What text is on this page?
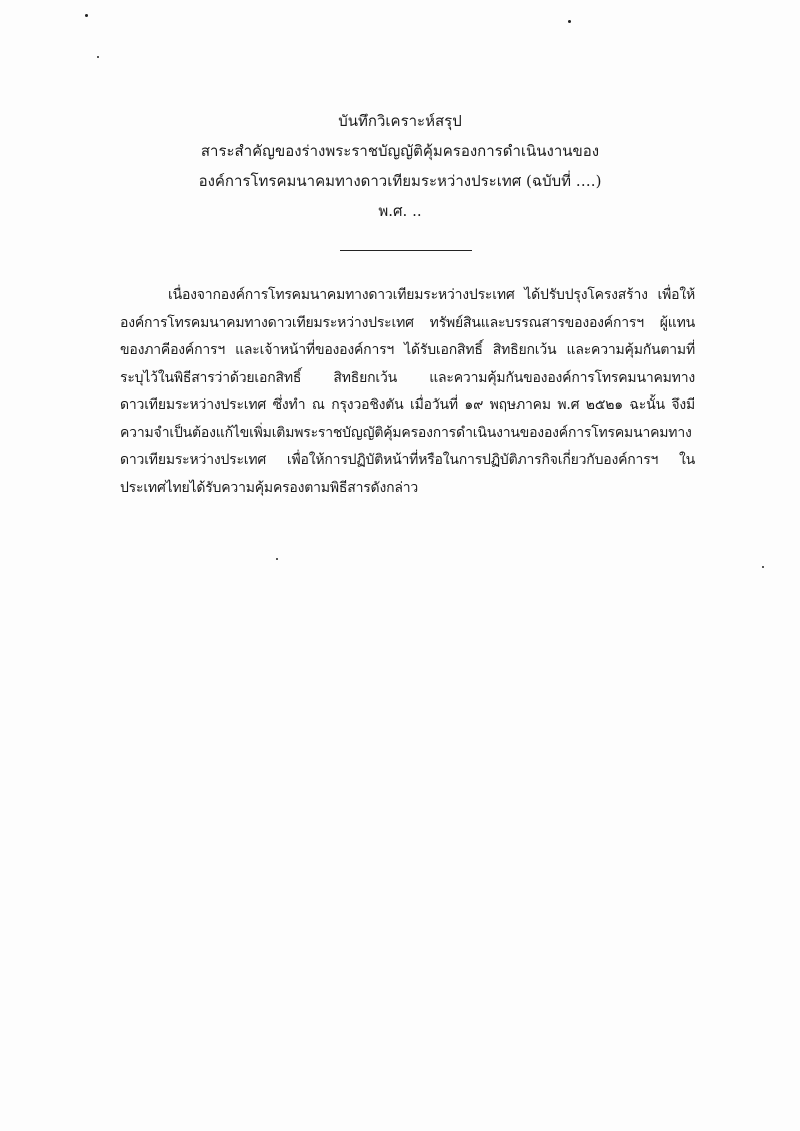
บันทึกวิเคราะห์สรุป
สาระสำคัญของร่างพระราชบัญญัติคุ้มครองการดำเนินงานของ
องค์การโทรคมนาคมทางดาวเทียมระหว่างประเทศ (ฉบับที่ ….)
พ.ศ. ..
เนื่องจากองค์การโทรคมนาคมทางดาวเทียมระหว่างประเทศ ได้ปรับปรุงโครงสร้าง เพื่อให้
องค์การโทรคมนาคมทางดาวเทียมระหว่างประเทศ ทรัพย์สินและบรรณสารขององค์การฯ ผู้แทน
ของภาคีองค์การฯ และเจ้าหน้าที่ขององค์การฯ ได้รับเอกสิทธิ์ สิทธิยกเว้น และความคุ้มกันตามที่
ระบุไว้ในพิธีสารว่าด้วยเอกสิทธิ์ สิทธิยกเว้น และความคุ้มกันขององค์การโทรคมนาคมทาง
ดาวเทียมระหว่างประเทศ ซึ่งทำ ณ กรุงวอชิงตัน เมื่อวันที่ ๑๙ พฤษภาคม พ.ศ ๒๕๒๑ ฉะนั้น จึงมี
ความจำเป็นต้องแก้ไขเพิ่มเติมพระราชบัญญัติคุ้มครองการดำเนินงานขององค์การโทรคมนาคมทาง
ดาวเทียมระหว่างประเทศ เพื่อให้การปฏิบัติหน้าที่หรือในการปฏิบัติภารกิจเกี่ยวกับองค์การฯ ใน
ประเทศไทยได้รับความคุ้มครองตามพิธีสารดังกล่าว
